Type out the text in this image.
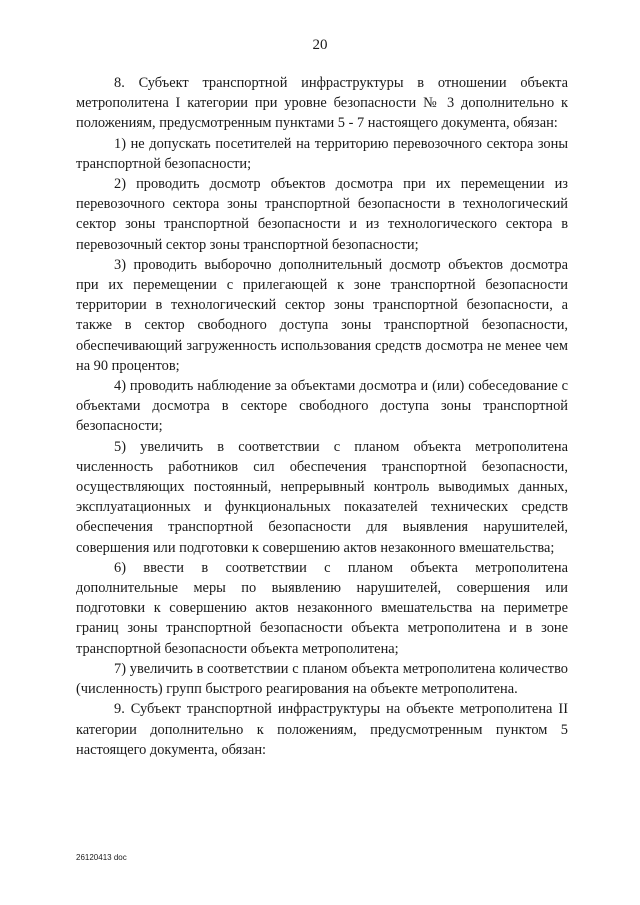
20

8. Субъект транспортной инфраструктуры в отношении объекта метрополитена I категории при уровне безопасности № 3 дополнительно к положениям, предусмотренным пунктами 5 - 7 настоящего документа, обязан:

1) не допускать посетителей на территорию перевозочного сектора зоны транспортной безопасности;

2) проводить досмотр объектов досмотра при их перемещении из перевозочного сектора зоны транспортной безопасности в технологический сектор зоны транспортной безопасности и из технологического сектора в перевозочный сектор зоны транспортной безопасности;

3) проводить выборочно дополнительный досмотр объектов досмотра при их перемещении с прилегающей к зоне транспортной безопасности территории в технологический сектор зоны транспортной безопасности, а также в сектор свободного доступа зоны транспортной безопасности, обеспечивающий загруженность использования средств досмотра не менее чем на 90 процентов;

4) проводить наблюдение за объектами досмотра и (или) собеседование с объектами досмотра в секторе свободного доступа зоны транспортной безопасности;

5) увеличить в соответствии с планом объекта метрополитена численность работников сил обеспечения транспортной безопасности, осуществляющих постоянный, непрерывный контроль выводимых данных, эксплуатационных и функциональных показателей технических средств обеспечения транспортной безопасности для выявления нарушителей, совершения или подготовки к совершению актов незаконного вмешательства;

6) ввести в соответствии с планом объекта метрополитена дополнительные меры по выявлению нарушителей, совершения или подготовки к совершению актов незаконного вмешательства на периметре границ зоны транспортной безопасности объекта метрополитена и в зоне транспортной безопасности объекта метрополитена;

7) увеличить в соответствии с планом объекта метрополитена количество (численность) групп быстрого реагирования на объекте метрополитена.

9. Субъект транспортной инфраструктуры на объекте метрополитена II категории дополнительно к положениям, предусмотренным пунктом 5 настоящего документа, обязан:

26120413 doc
